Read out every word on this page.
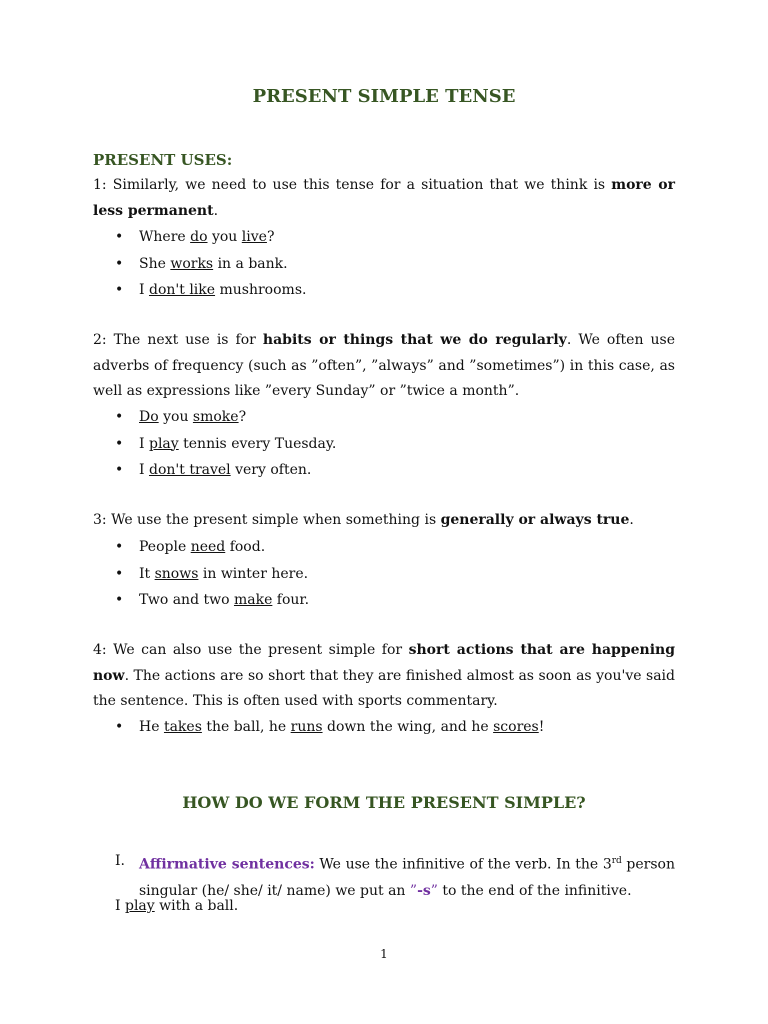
PRESENT SIMPLE TENSE
PRESENT USES:

1: Similarly, we need to use this tense for a situation that we think is more or less permanent.

• Where do you live?
• She works in a bank.
• I don't like mushrooms.

2: The next use is for habits or things that we do regularly. We often use adverbs of frequency (such as ”often”, ”always” and ”sometimes”) in this case, as well as expressions like ”every Sunday” or ”twice a month”.

• Do you smoke?
• I play tennis every Tuesday.
• I don't travel very often.

3: We use the present simple when something is generally or always true.

• People need food.
• It snows in winter here.
• Two and two make four.

4: We can also use the present simple for short actions that are happening now. The actions are so short that they are finished almost as soon as you've said the sentence. This is often used with sports commentary.

• He takes the ball, he runs down the wing, and he scores!
HOW DO WE FORM THE PRESENT SIMPLE?
I. Affirmative sentences: We use the infinitive of the verb. In the 3rd person singular (he/ she/ it/ name) we put an ”-s” to the end of the infinitive.
I play with a ball.
1
